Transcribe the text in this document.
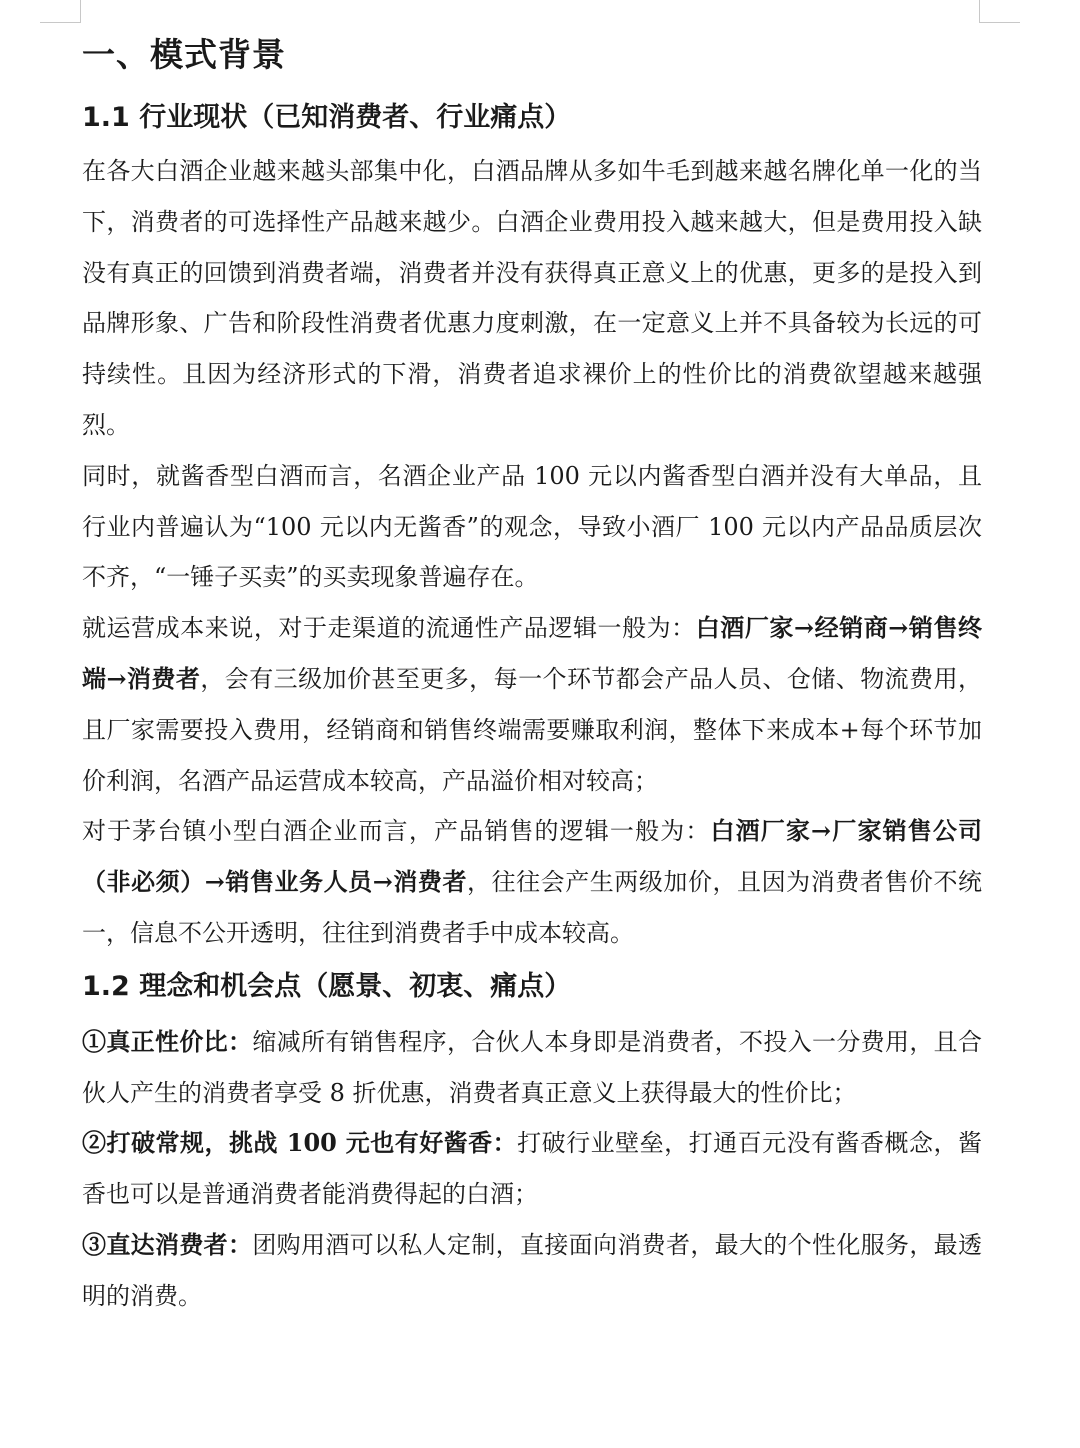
一、模式背景
1.1 行业现状（已知消费者、行业痛点）

在各大白酒企业越来越头部集中化，白酒品牌从多如牛毛到越来越名牌化单一化的当下，消费者的可选择性产品越来越少。白酒企业费用投入越来越大，但是费用投入缺没有真正的回馈到消费者端，消费者并没有获得真正意义上的优惠，更多的是投入到品牌形象、广告和阶段性消费者优惠力度刺激，在一定意义上并不具备较为长远的可持续性。且因为经济形式的下滑，消费者追求裸价上的性价比的消费欲望越来越强烈。

同时，就酱香型白酒而言，名酒企业产品 100 元以内酱香型白酒并没有大单品，且行业内普遍认为“100 元以内无酱香”的观念，导致小酒厂 100 元以内产品品质层次不齐，“一锤子买卖”的买卖现象普遍存在。

就运营成本来说，对于走渠道的流通性产品逻辑一般为：白酒厂家→经销商→销售终端→消费者，会有三级加价甚至更多，每一个环节都会产品人员、仓储、物流费用，且厂家需要投入费用，经销商和销售终端需要赚取利润，整体下来成本+每个环节加价利润，名酒产品运营成本较高，产品溢价相对较高；

对于茅台镇小型白酒企业而言，产品销售的逻辑一般为：白酒厂家→厂家销售公司（非必须）→销售业务人员→消费者，往往会产生两级加价，且因为消费者售价不统一，信息不公开透明，往往到消费者手中成本较高。

1.2 理念和机会点（愿景、初衷、痛点）

①真正性价比：缩减所有销售程序，合伙人本身即是消费者，不投入一分费用，且合伙人产生的消费者享受 8 折优惠，消费者真正意义上获得最大的性价比；

②打破常规，挑战 100 元也有好酱香：打破行业壁垒，打通百元没有酱香概念，酱香也可以是普通消费者能消费得起的白酒；

③直达消费者：团购用酒可以私人定制，直接面向消费者，最大的个性化服务，最透明的消费。
